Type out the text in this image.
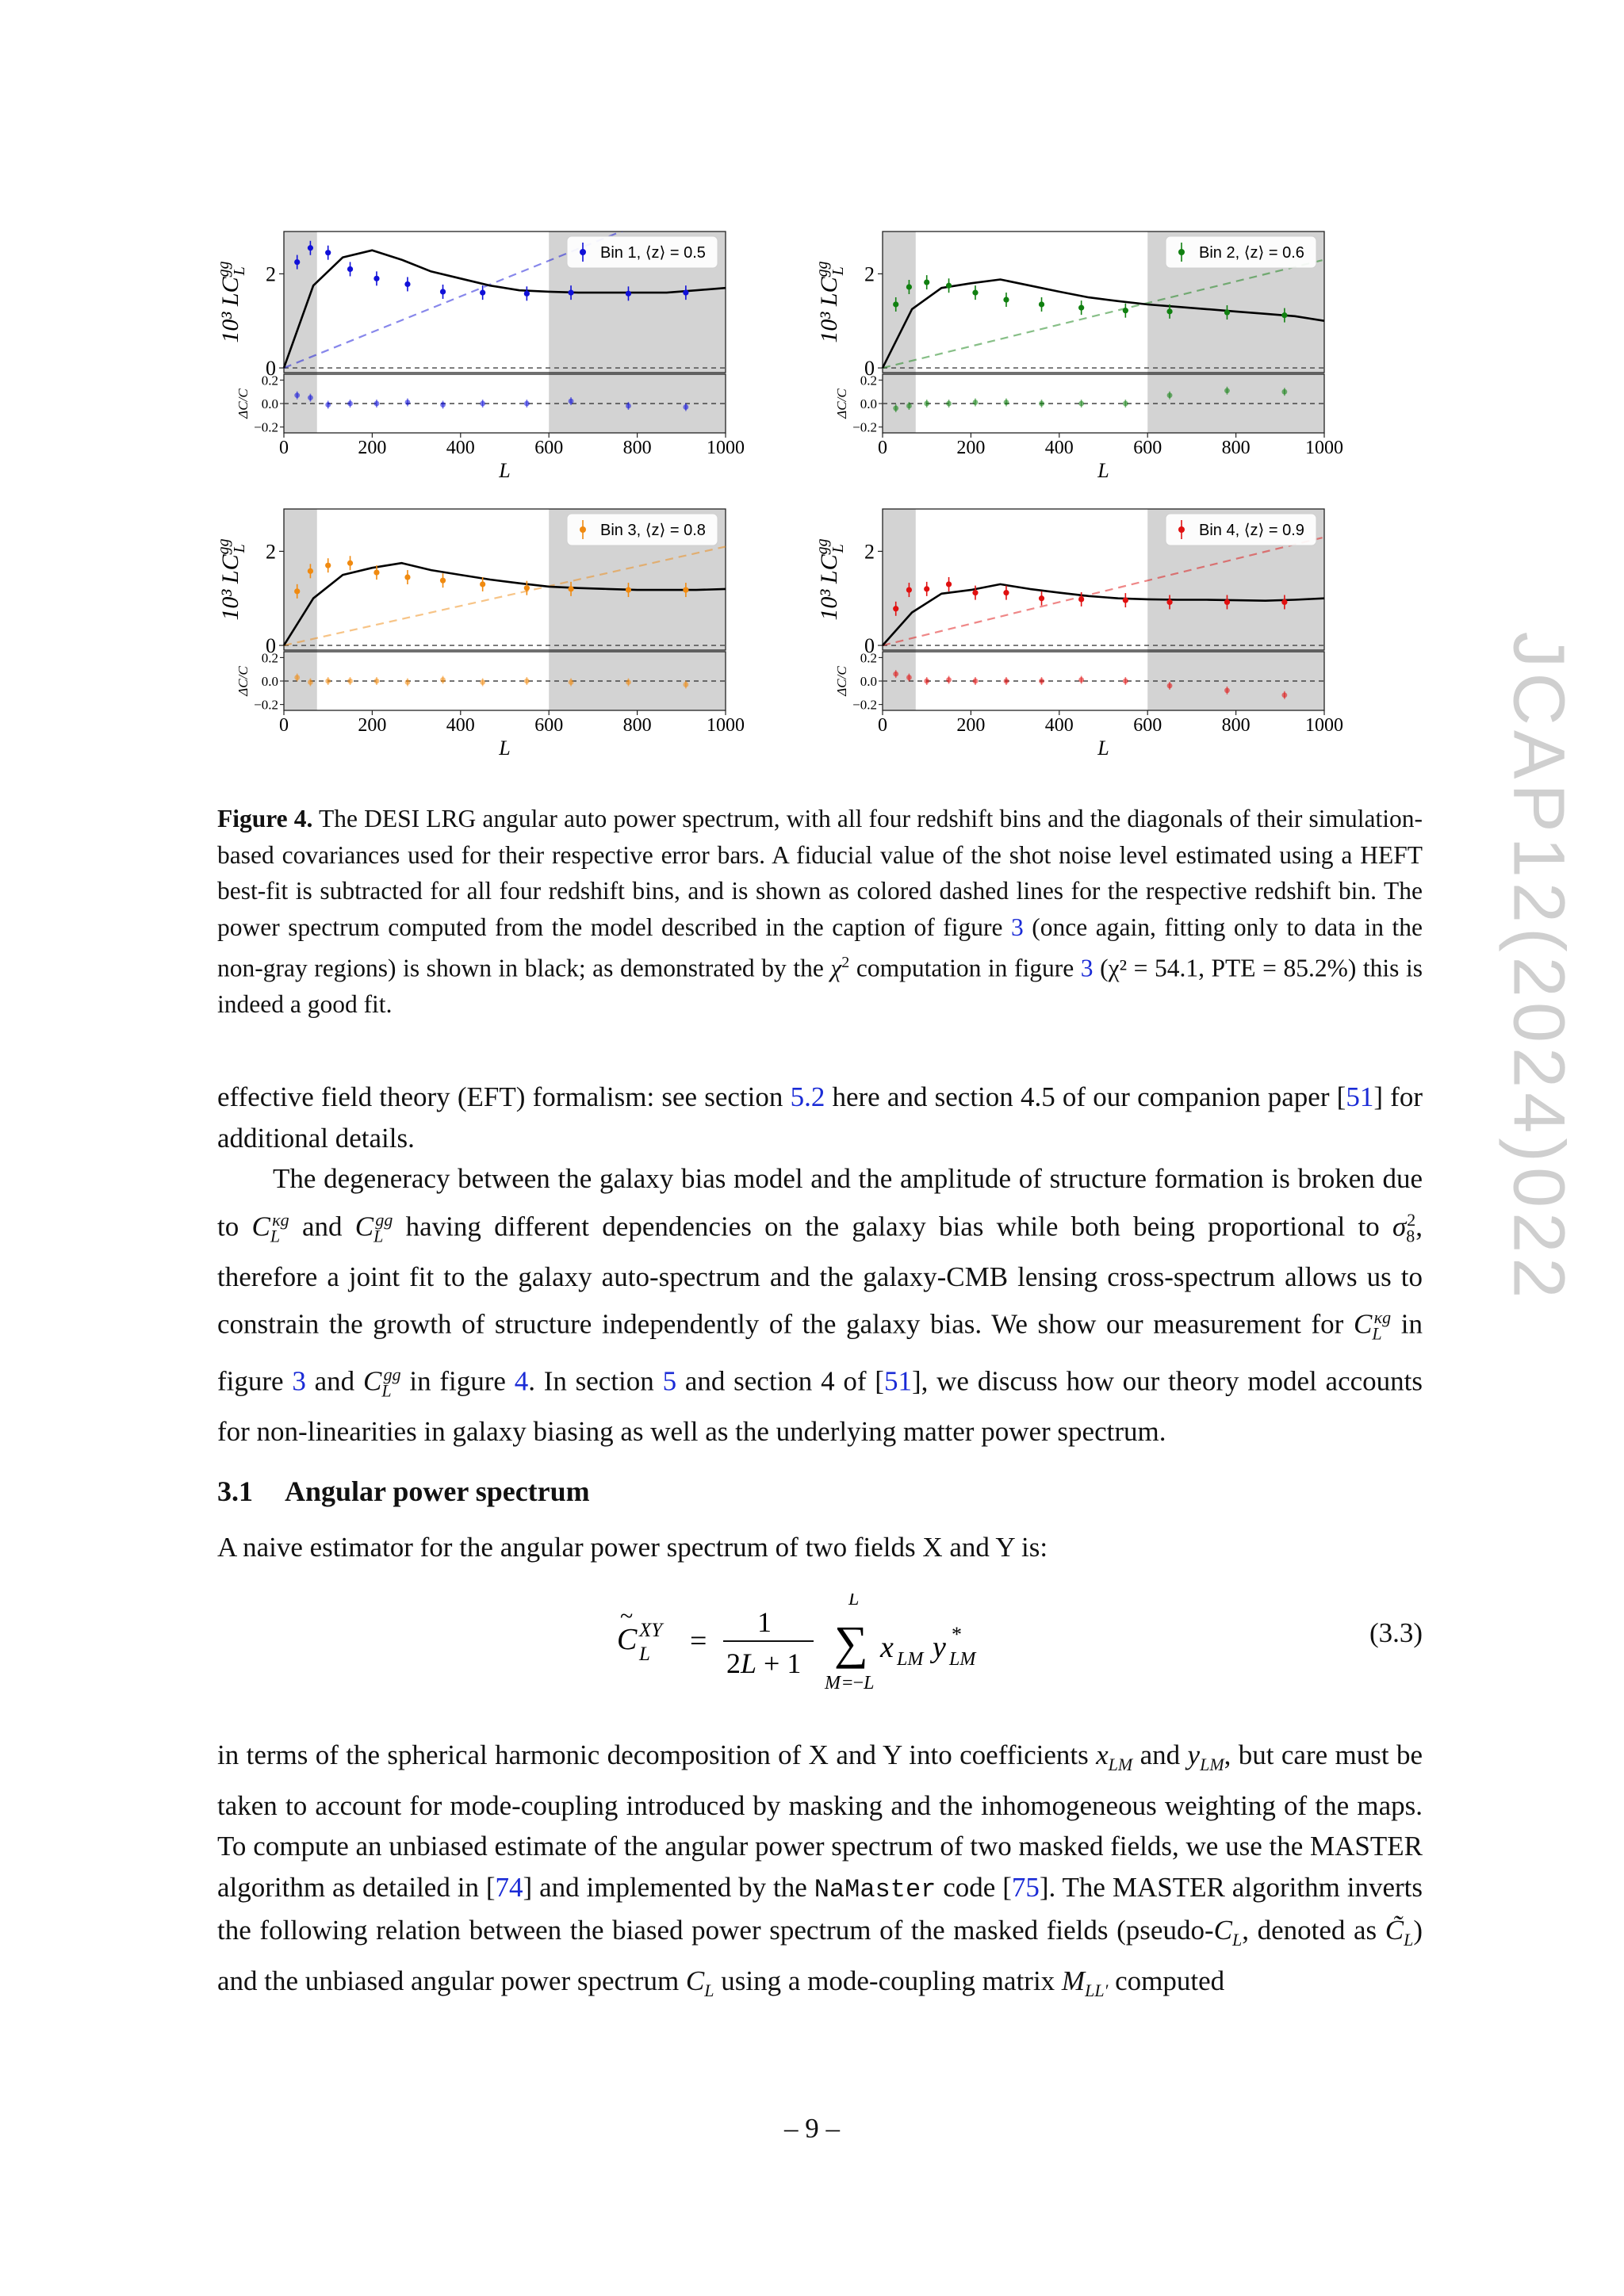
Bin 1, ⟨z⟩ = 0.5
0	200	400	600	800	1000
L
0
2
0.2
0.0
−0.2
10³ $LC^{gg}L$
ΔC/C
Bin 2, ⟨z⟩ = 0.6
0	200	400	600	800	1000
L
0
2
0.2
0.0
−0.2
10³ $LC^{gg}L$
ΔC/C
Bin 3, ⟨z⟩ = 0.8
0	200	400	600	800	1000
L
0
2
0.2
0.0
−0.2
10³ $LC^{gg}L$
ΔC/C
Bin 4, ⟨z⟩ = 0.9
0	200	400	600	800	1000
L
0
2
0.2
0.0
−0.2
10³ $LC^{gg}L$
ΔC/C
Figure 4. The DESI LRG angular auto power spectrum, with all four redshift bins and the diagonals of their simulation-based covariances used for their respective error bars. A fiducial value of the shot noise level estimated using a HEFT best-fit is subtracted for all four redshift bins, and is shown as colored dashed lines for the respective redshift bin. The power spectrum computed from the model described in the caption of figure 3 (once again, fitting only to data in the non-gray regions) is shown in black; as demonstrated by the $\chi^2$ computation in figure 3 (χ² = 54.1, PTE = 85.2%) this is indeed a good fit.
effective field theory (EFT) formalism: see section 5.2 here and section 4.5 of our companion paper [51] for additional details.
The degeneracy between the galaxy bias model and the amplitude of structure formation is broken due to $C_L^{\kappa g}$ and $C_L^{gg}$ having different dependencies on the galaxy bias while both being proportional to $\sigma_8^2$, therefore a joint fit to the galaxy auto-spectrum and the galaxy-CMB lensing cross-spectrum allows us to constrain the growth of structure independently of the galaxy bias. We show our measurement for $C_L^{\kappa g}$ in figure 3 and $C_L^{gg}$ in figure 4. In section 5 and section 4 of [51], we discuss how our theory model accounts for non-linearities in galaxy biasing as well as the underlying matter power spectrum.
3.1 Angular power spectrum
A naive estimator for the angular power spectrum of two fields X and Y is:
C
~
L
XY =
1
2L + 1
L
∑
M =−L
x LM y LM
*	(3.3)
in terms of the spherical harmonic decomposition of X and Y into coefficients $x_{LM}$ and $y_{LM}$, but care must be taken to account for mode-coupling introduced by masking and the inhomogeneous weighting of the maps. To compute an unbiased estimate of the angular power spectrum of two masked fields, we use the MASTER algorithm as detailed in [74] and implemented by the NaMaster code [75]. The MASTER algorithm inverts the following relation between the biased power spectrum of the masked fields ($pseudo-C_L$, denoted as $C̃_L$) and the unbiased angular power spectrum $C_L$ using a mode-coupling matrix $M_{LL'}$ computed
– 9 –
JCAP12(2024)022
